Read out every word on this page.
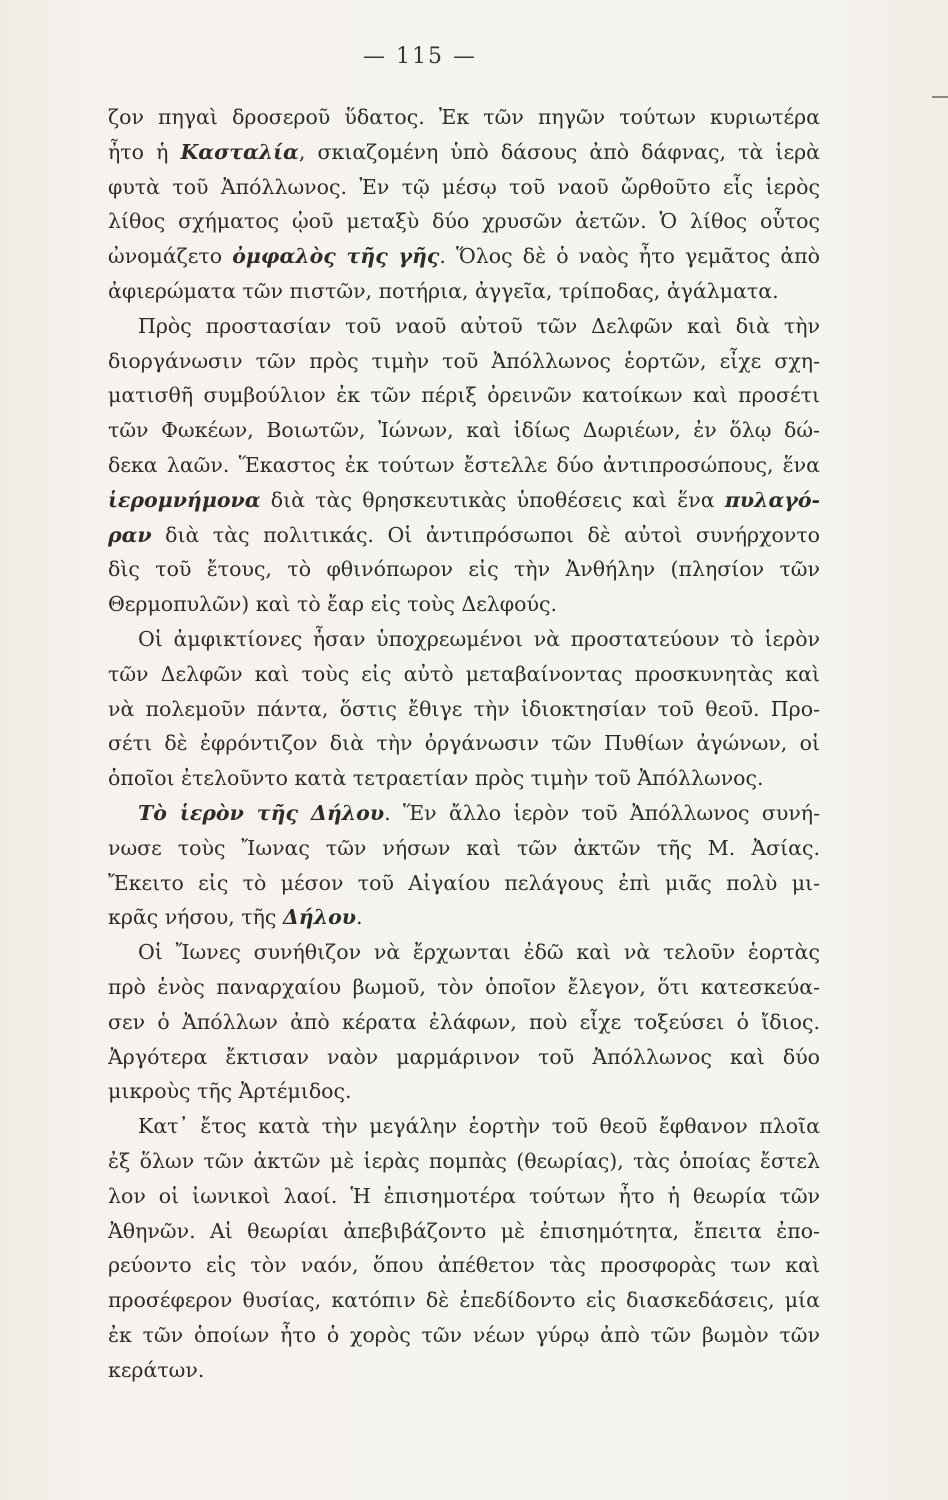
— 115 —
ζον πηγαὶ δροσεροῦ ὕδατος. Ἐκ τῶν πηγῶν τούτων κυριωτέρα
ἦτο ἡ Κασταλία, σκιαζομένη ὑπὸ δάσους ἀπὸ δάφνας, τὰ ἱερὰ
φυτὰ τοῦ Ἀπόλλωνος. Ἐν τῷ μέσῳ τοῦ ναοῦ ὤρθοῦτο εἷς ἱερὸς
λίθος σχήματος ᾠοῦ μεταξὺ δύο χρυσῶν ἀετῶν. Ὁ λίθος οὗτος
ὠνομάζετο ὀμφαλὸς τῆς γῆς. Ὅλος δὲ ὁ ναὸς ἦτο γεμᾶτος ἀπὸ
ἀφιερώματα τῶν πιστῶν, ποτήρια, ἀγγεῖα, τρίποδας, ἀγάλματα.
Πρὸς προστασίαν τοῦ ναοῦ αὐτοῦ τῶν Δελφῶν καὶ διὰ τὴν
διοργάνωσιν τῶν πρὸς τιμὴν τοῦ Ἀπόλλωνος ἑορτῶν, εἶχε σχη-
ματισθῆ συμβούλιον ἐκ τῶν πέριξ ὀρεινῶν κατοίκων καὶ προσέτι
τῶν Φωκέων, Βοιωτῶν, Ἰώνων, καὶ ἰδίως Δωριέων, ἐν ὅλῳ δώ-
δεκα λαῶν. Ἕκαστος ἐκ τούτων ἔστελλε δύο ἀντιπροσώπους, ἕνα
ἱερομνήμονα διὰ τὰς θρησκευτικὰς ὑποθέσεις καὶ ἕνα πυλαγό-
ραν διὰ τὰς πολιτικάς. Οἱ ἀντιπρόσωποι δὲ αὐτοὶ συνήρχοντο
δὶς τοῦ ἔτους, τὸ φθινόπωρον εἰς τὴν Ἀνθήλην (πλησίον τῶν
Θερμοπυλῶν) καὶ τὸ ἔαρ εἰς τοὺς Δελφούς.
Οἱ ἀμφικτίονες ἦσαν ὑποχρεωμένοι νὰ προστατεύουν τὸ ἱερὸν
τῶν Δελφῶν καὶ τοὺς εἰς αὐτὸ μεταβαίνοντας προσκυνητὰς καὶ
νὰ πολεμοῦν πάντα, ὅστις ἔθιγε τὴν ἰδιοκτησίαν τοῦ θεοῦ. Προ-
σέτι δὲ ἐφρόντιζον διὰ τὴν ὀργάνωσιν τῶν Πυθίων ἀγώνων, οἱ
ὁποῖοι ἐτελοῦντο κατὰ τετραετίαν πρὸς τιμὴν τοῦ Ἀπόλλωνος.
Τὸ ἱερὸν τῆς Δήλου. Ἕν ἄλλο ἱερὸν τοῦ Ἀπόλλωνος συνή-
νωσε τοὺς Ἴωνας τῶν νήσων καὶ τῶν ἀκτῶν τῆς Μ. Ἀσίας.
Ἔκειτο εἰς τὸ μέσον τοῦ Αἰγαίου πελάγους ἐπὶ μιᾶς πολὺ μι-
κρᾶς νήσου, τῆς Δήλου.
Οἱ Ἴωνες συνήθιζον νὰ ἔρχωνται ἐδῶ καὶ νὰ τελοῦν ἑορτὰς
πρὸ ἑνὸς παναρχαίου βωμοῦ, τὸν ὁποῖον ἔλεγον, ὅτι κατεσκεύα-
σεν ὁ Ἀπόλλων ἀπὸ κέρατα ἐλάφων, ποὺ εἶχε τοξεύσει ὁ ἴδιος.
Ἀργότερα ἔκτισαν ναὸν μαρμάρινον τοῦ Ἀπόλλωνος καὶ δύο
μικροὺς τῆς Ἀρτέμιδος.
Κατ᾽ ἔτος κατὰ τὴν μεγάλην ἑορτὴν τοῦ θεοῦ ἔφθανον πλοῖα
ἐξ ὅλων τῶν ἀκτῶν μὲ ἱερὰς πομπὰς (θεωρίας), τὰς ὁποίας ἔστελ
λον οἱ ἰωνικοὶ λαοί. Ἡ ἐπισημοτέρα τούτων ἦτο ἡ θεωρία τῶν
Ἀθηνῶν. Αἱ θεωρίαι ἀπεβιβάζοντο μὲ ἐπισημότητα, ἔπειτα ἐπο-
ρεύοντο εἰς τὸν ναόν, ὅπου ἀπέθετον τὰς προσφορὰς των καὶ
προσέφερον θυσίας, κατόπιν δὲ ἐπεδίδοντο εἰς διασκεδάσεις, μία
ἐκ τῶν ὁποίων ἦτο ὁ χορὸς τῶν νέων γύρῳ ἀπὸ τῶν βωμὸν τῶν
κεράτων.
